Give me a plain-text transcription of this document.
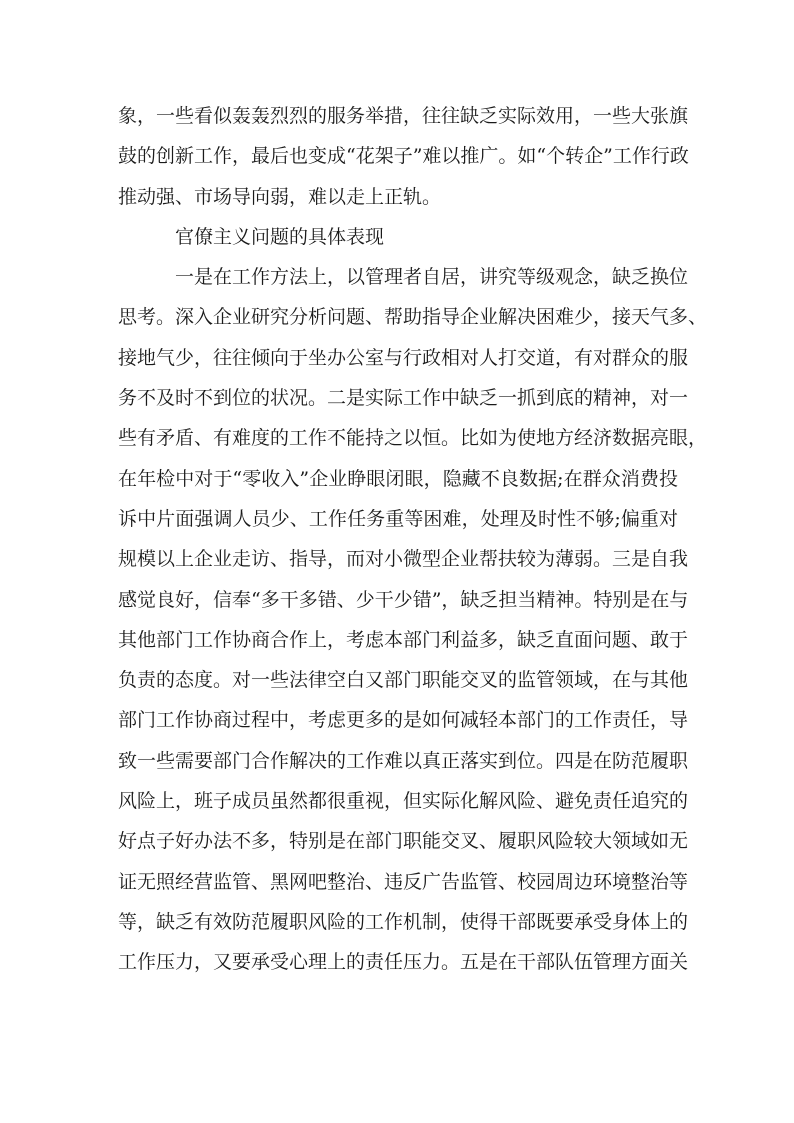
象，一些看似轰轰烈烈的服务举措，往往缺乏实际效用，一些大张旗
鼓的创新工作，最后也变成“花架子”难以推广。如“个转企”工作行政
推动强、市场导向弱，难以走上正轨。
官僚主义问题的具体表现
一是在工作方法上，以管理者自居，讲究等级观念，缺乏换位
思考。深入企业研究分析问题、帮助指导企业解决困难少，接天气多、
接地气少，往往倾向于坐办公室与行政相对人打交道，有对群众的服
务不及时不到位的状况。二是实际工作中缺乏一抓到底的精神，对一
些有矛盾、有难度的工作不能持之以恒。比如为使地方经济数据亮眼，
在年检中对于“零收入”企业睁眼闭眼，隐藏不良数据;在群众消费投
诉中片面强调人员少、工作任务重等困难，处理及时性不够;偏重对
规模以上企业走访、指导，而对小微型企业帮扶较为薄弱。三是自我
感觉良好，信奉“多干多错、少干少错”，缺乏担当精神。特别是在与
其他部门工作协商合作上，考虑本部门利益多，缺乏直面问题、敢于
负责的态度。对一些法律空白又部门职能交叉的监管领域，在与其他
部门工作协商过程中，考虑更多的是如何减轻本部门的工作责任，导
致一些需要部门合作解决的工作难以真正落实到位。四是在防范履职
风险上，班子成员虽然都很重视，但实际化解风险、避免责任追究的
好点子好办法不多，特别是在部门职能交叉、履职风险较大领域如无
证无照经营监管、黑网吧整治、违反广告监管、校园周边环境整治等
等，缺乏有效防范履职风险的工作机制，使得干部既要承受身体上的
工作压力，又要承受心理上的责任压力。五是在干部队伍管理方面关
